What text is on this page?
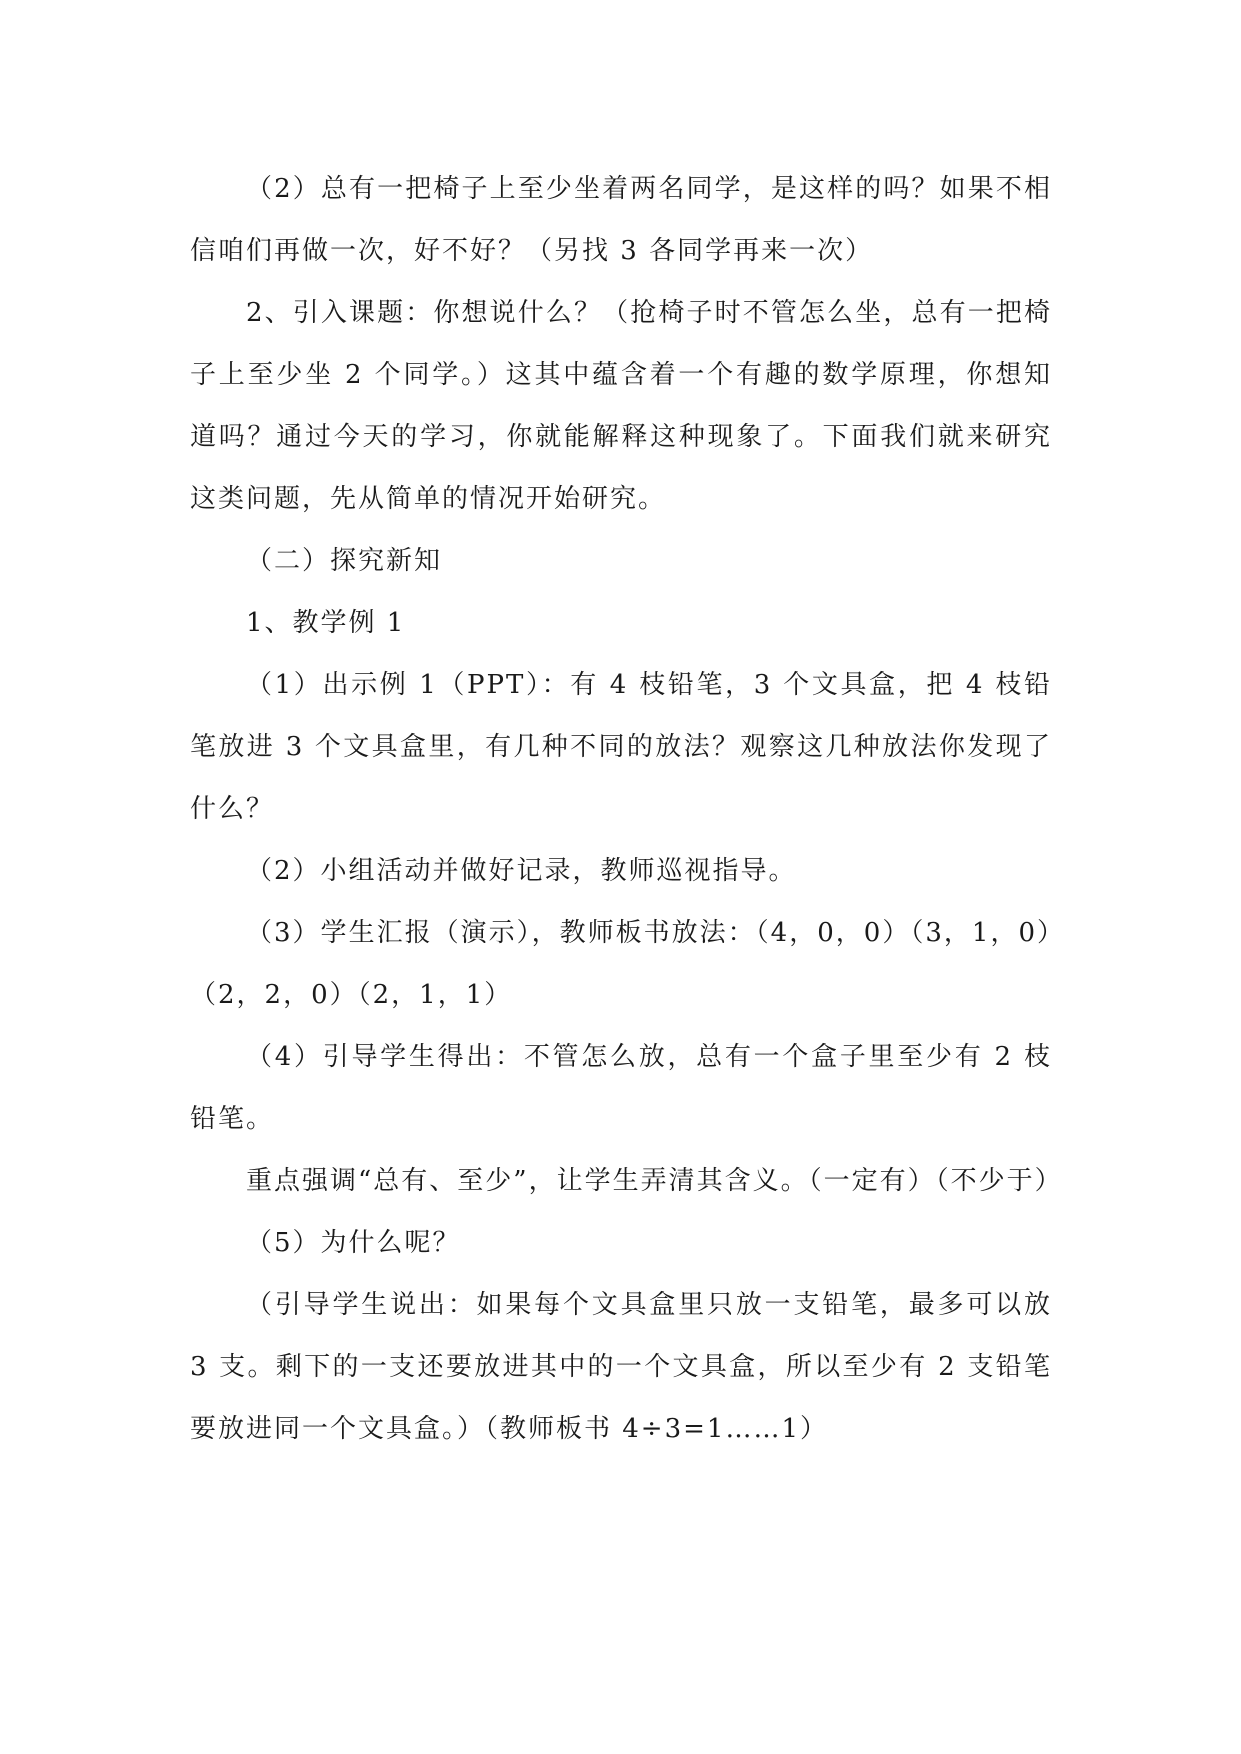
（2）总有一把椅子上至少坐着两名同学，是这样的吗？如果不相信咱们再做一次，好不好？（另找 3 各同学再来一次）

2、引入课题：你想说什么？（抢椅子时不管怎么坐，总有一把椅子上至少坐 2 个同学。）这其中蕴含着一个有趣的数学原理，你想知道吗？通过今天的学习，你就能解释这种现象了。下面我们就来研究这类问题，先从简单的情况开始研究。

（二）探究新知

1、教学例 1

（1）出示例 1（PPT）：有 4 枝铅笔，3 个文具盒，把 4 枝铅笔放进 3 个文具盒里，有几种不同的放法？观察这几种放法你发现了什么？

（2）小组活动并做好记录，教师巡视指导。

（3）学生汇报（演示），教师板书放法：（4，0，0）（3，1，0）（2，2，0）（2，1，1）

（4）引导学生得出：不管怎么放，总有一个盒子里至少有 2 枝铅笔。

重点强调“总有、至少”，让学生弄清其含义。（一定有）（不少于）

（5）为什么呢？

（引导学生说出：如果每个文具盒里只放一支铅笔，最多可以放 3 支。剩下的一支还要放进其中的一个文具盒，所以至少有 2 支铅笔要放进同一个文具盒。）（教师板书 4÷3=1……1）
